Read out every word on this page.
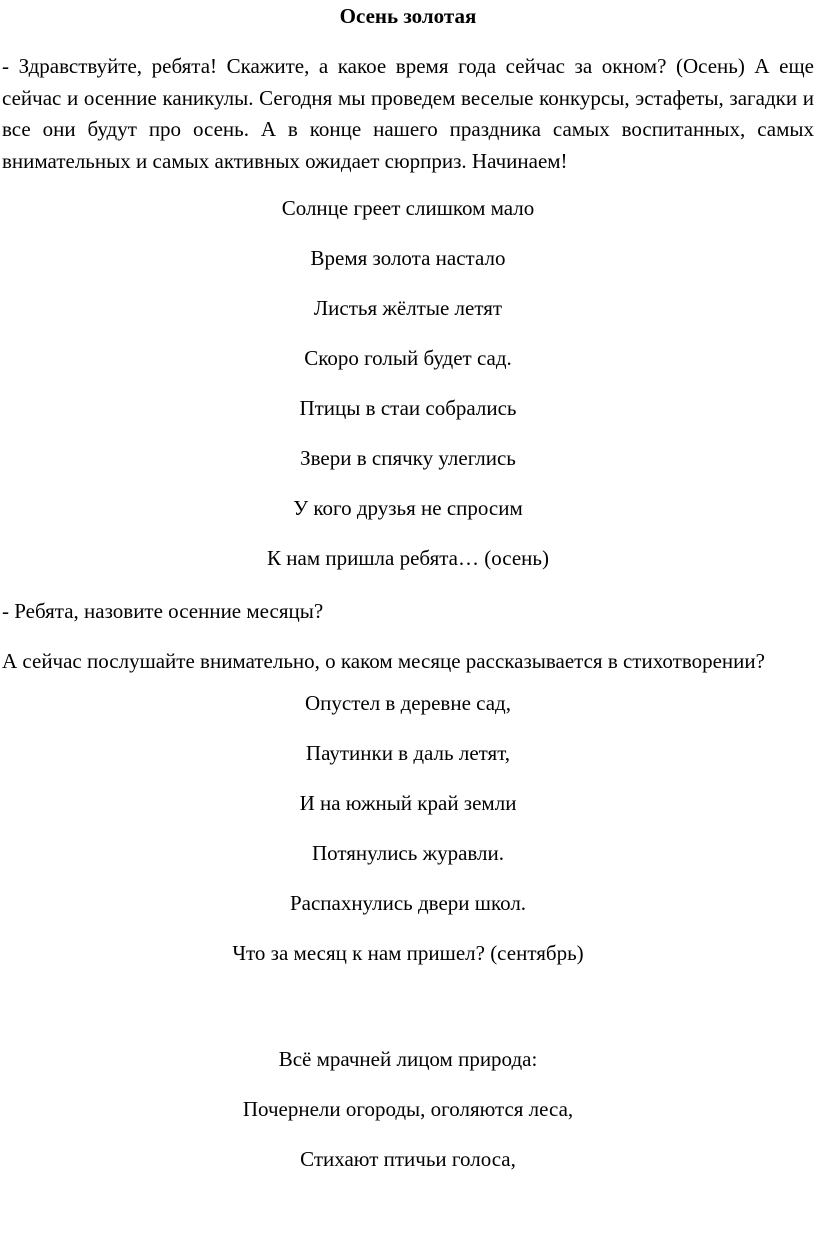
Осень золотая

- Здравствуйте, ребята! Скажите, а какое время года сейчас за окном? (Осень) А еще сейчас и осенние каникулы. Сегодня мы проведем веселые конкурсы, эстафеты, загадки и все они будут про осень. А в конце нашего праздника самых воспитанных, самых внимательных и самых активных ожидает сюрприз. Начинаем!

Солнце греет слишком мало

Время золота настало

Листья жёлтые летят

Скоро голый будет сад.

Птицы в стаи собрались

Звери в спячку улеглись

У кого друзья не спросим

К нам пришла ребята… (осень)

- Ребята, назовите осенние месяцы?

А сейчас послушайте внимательно, о каком месяце рассказывается в стихотворении?

Опустел в деревне сад,

Паутинки в даль летят,

И на южный край земли

Потянулись журавли.

Распахнулись двери школ.

Что за месяц к нам пришел? (сентябрь)

Всё мрачней лицом природа:

Почернели огороды, оголяются леса,

Стихают птичьи голоса,
